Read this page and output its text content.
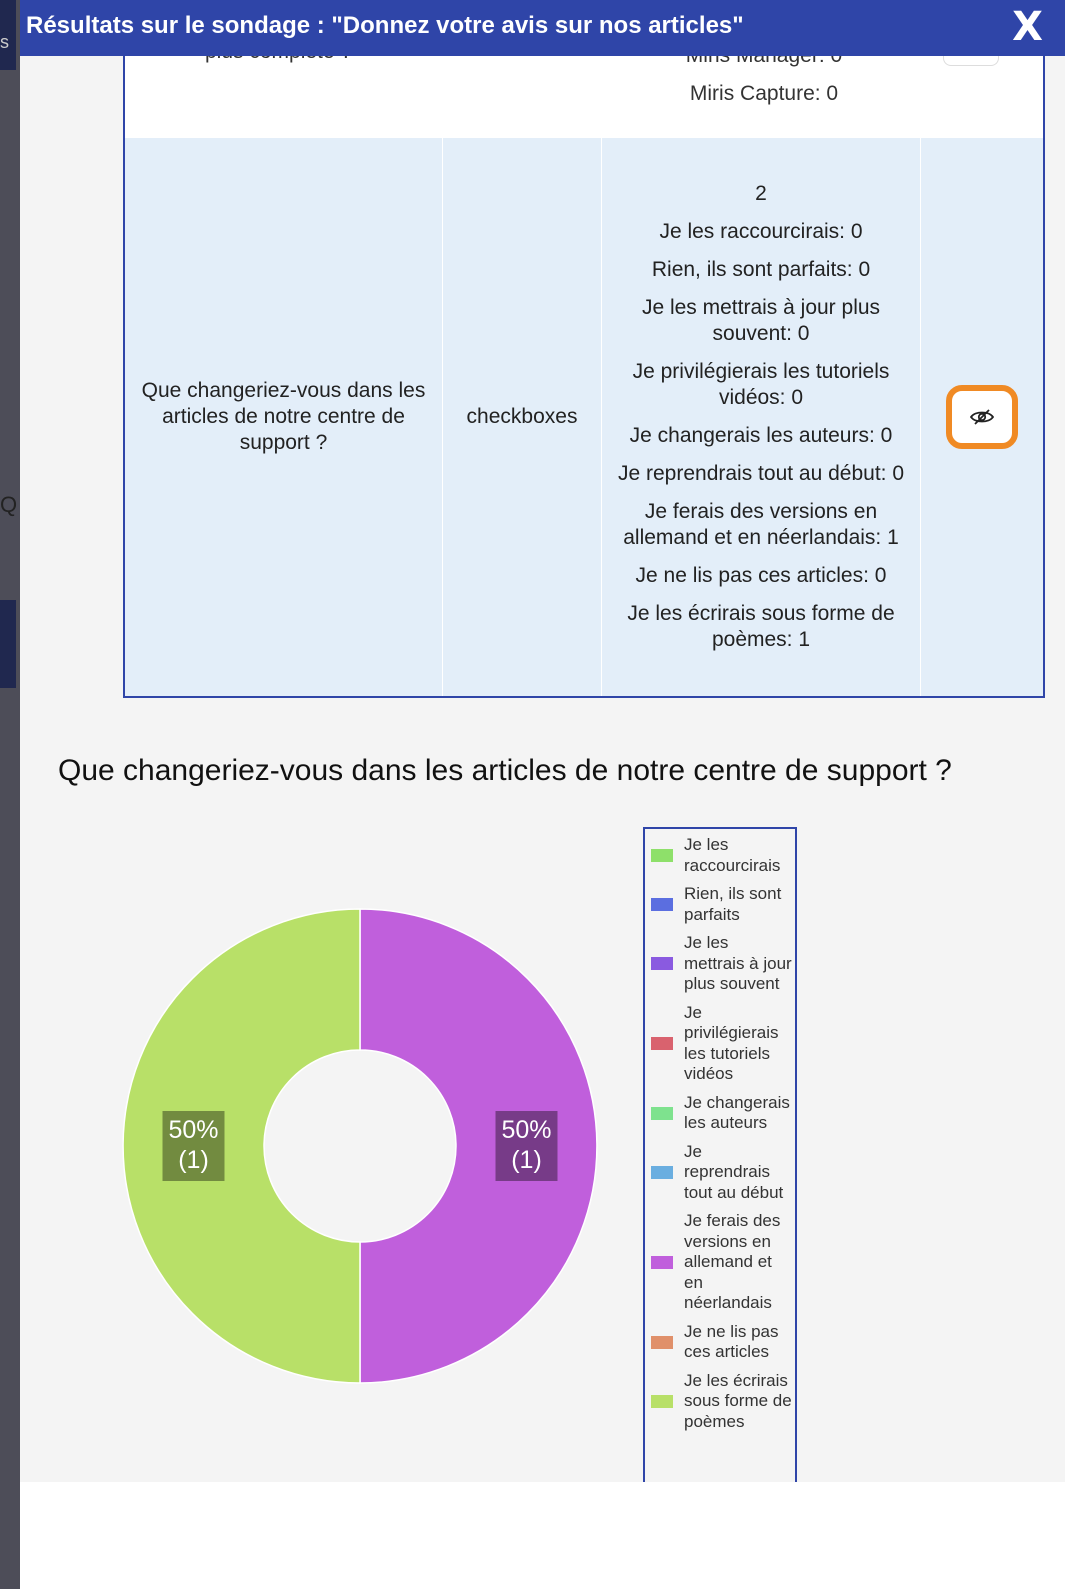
s
Q
Résultats sur le sondage : "Donnez votre avis sur nos articles"	X
Miris Capture: 0
Que changeriez-vous dans les articles de notre centre de support ?
checkboxes
2
Je les raccourcirais: 0
Rien, ils sont parfaits: 0
Je les mettrais à jour plus souvent: 0
Je privilégierais les tutoriels vidéos: 0
Je changerais les auteurs: 0
Je reprendrais tout au début: 0
Je ferais des versions en allemand et en néerlandais: 1
Je ne lis pas ces articles: 0
Je les écrirais sous forme de poèmes: 1
Que changeriez-vous dans les articles de notre centre de support ?
50%
(1)
50%
(1)
Je les raccourcirais
Rien, ils sont parfaits
Je les mettrais à jour plus souvent
Je privilégierais les tutoriels vidéos
Je changerais les auteurs
Je reprendrais tout au début
Je ferais des versions en allemand et en néerlandais
Je ne lis pas ces articles
Je les écrirais sous forme de poèmes
